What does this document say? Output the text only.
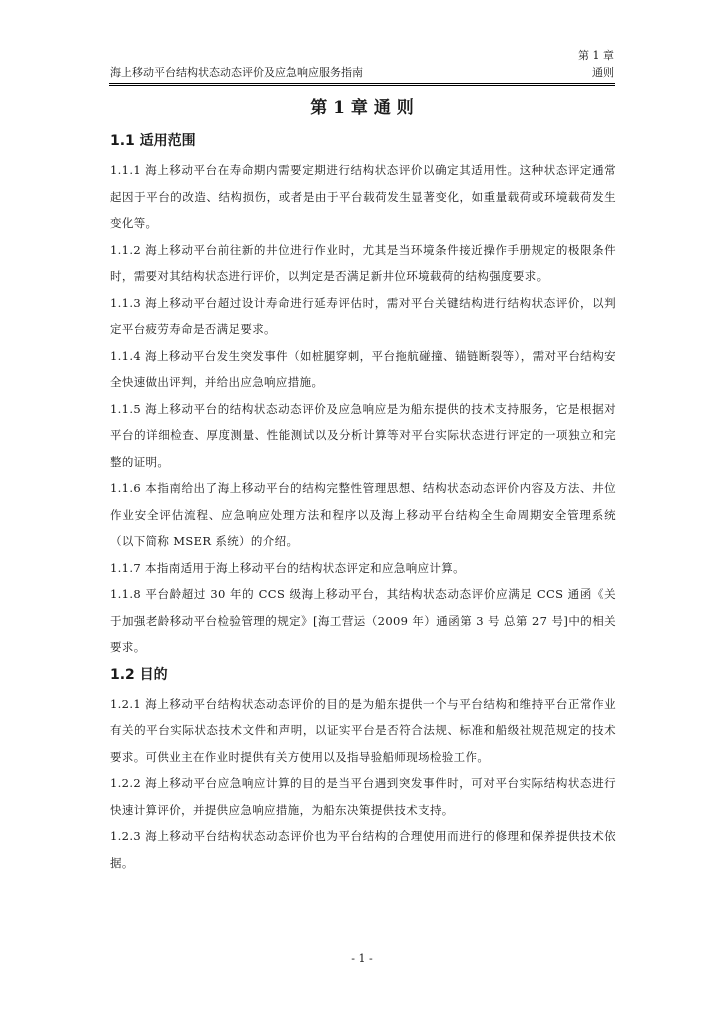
第 1 章
海上移动平台结构状态动态评价及应急响应服务指南	通则
第 1 章 通 则
1.1 适用范围

1.1.1 海上移动平台在寿命期内需要定期进行结构状态评价以确定其适用性。这种状态评定通常起因于平台的改造、结构损伤，或者是由于平台载荷发生显著变化，如重量载荷或环境载荷发生变化等。

1.1.2 海上移动平台前往新的井位进行作业时，尤其是当环境条件接近操作手册规定的极限条件时，需要对其结构状态进行评价，以判定是否满足新井位环境载荷的结构强度要求。

1.1.3 海上移动平台超过设计寿命进行延寿评估时，需对平台关键结构进行结构状态评价，以判定平台疲劳寿命是否满足要求。

1.1.4 海上移动平台发生突发事件（如桩腿穿刺，平台拖航碰撞、锚链断裂等），需对平台结构安全快速做出评判，并给出应急响应措施。

1.1.5 海上移动平台的结构状态动态评价及应急响应是为船东提供的技术支持服务，它是根据对平台的详细检查、厚度测量、性能测试以及分析计算等对平台实际状态进行评定的一项独立和完整的证明。

1.1.6 本指南给出了海上移动平台的结构完整性管理思想、结构状态动态评价内容及方法、井位作业安全评估流程、应急响应处理方法和程序以及海上移动平台结构全生命周期安全管理系统（以下简称 MSER 系统）的介绍。

1.1.7 本指南适用于海上移动平台的结构状态评定和应急响应计算。

1.1.8 平台龄超过 30 年的 CCS 级海上移动平台，其结构状态动态评价应满足 CCS 通函《关于加强老龄移动平台检验管理的规定》[海工营运（2009 年）通函第 3 号 总第 27 号]中的相关要求。

1.2 目的

1.2.1 海上移动平台结构状态动态评价的目的是为船东提供一个与平台结构和维持平台正常作业有关的平台实际状态技术文件和声明，以证实平台是否符合法规、标准和船级社规范规定的技术要求。可供业主在作业时提供有关方使用以及指导验船师现场检验工作。

1.2.2 海上移动平台应急响应计算的目的是当平台遇到突发事件时，可对平台实际结构状态进行快速计算评价，并提供应急响应措施，为船东决策提供技术支持。

1.2.3 海上移动平台结构状态动态评价也为平台结构的合理使用而进行的修理和保养提供技术依据。

- 1 -
